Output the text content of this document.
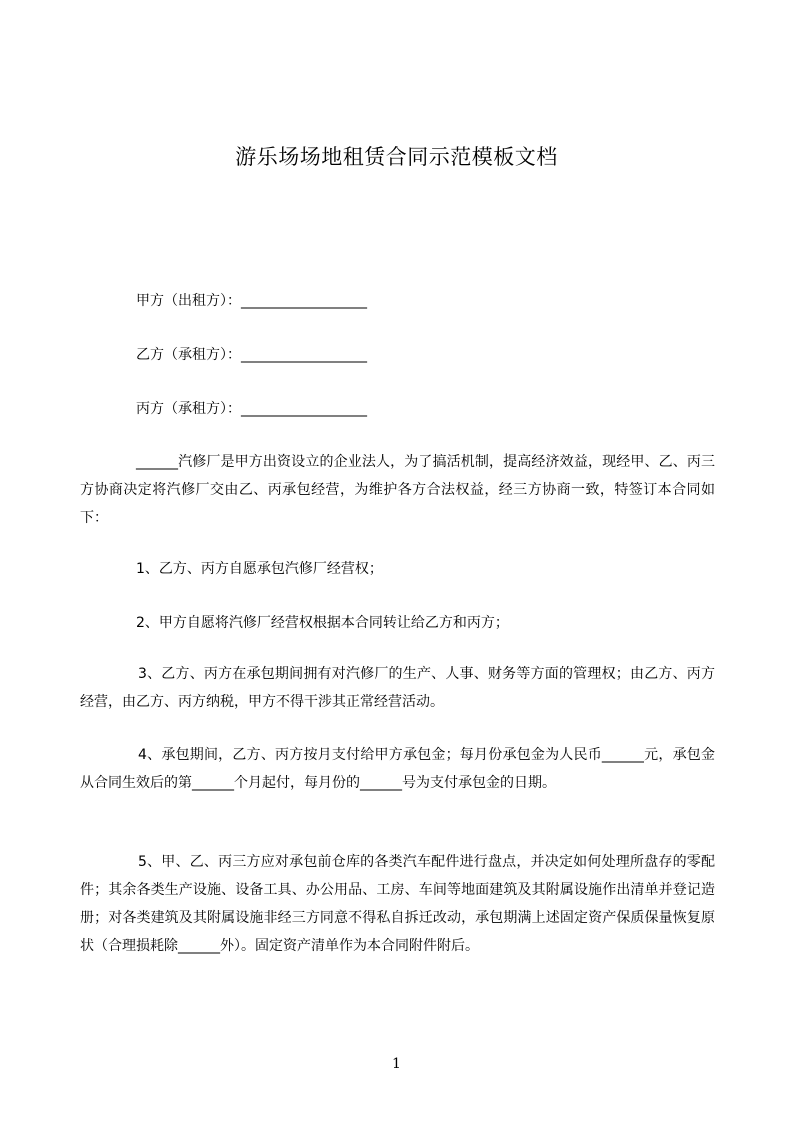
游乐场场地租赁合同示范模板文档
甲方（出租方）：__________________
乙方（承租方）：__________________
丙方（承租方）：__________________

______汽修厂是甲方出资设立的企业法人，为了搞活机制，提高经济效益，现经甲、乙、丙三方协商决定将汽修厂交由乙、丙承包经营，为维护各方合法权益，经三方协商一致，特签订本合同如下：

1、乙方、丙方自愿承包汽修厂经营权；

2、甲方自愿将汽修厂经营权根据本合同转让给乙方和丙方；

3、乙方、丙方在承包期间拥有对汽修厂的生产、人事、财务等方面的管理权；由乙方、丙方经营，由乙方、丙方纳税，甲方不得干涉其正常经营活动。

4、承包期间，乙方、丙方按月支付给甲方承包金；每月份承包金为人民币______元，承包金从合同生效后的第______个月起付，每月份的______号为支付承包金的日期。

5、甲、乙、丙三方应对承包前仓库的各类汽车配件进行盘点，并决定如何处理所盘存的零配件；其余各类生产设施、设备工具、办公用品、工房、车间等地面建筑及其附属设施作出清单并登记造册；对各类建筑及其附属设施非经三方同意不得私自拆迁改动，承包期满上述固定资产保质保量恢复原状（合理损耗除______外）。固定资产清单作为本合同附件附后。

1
